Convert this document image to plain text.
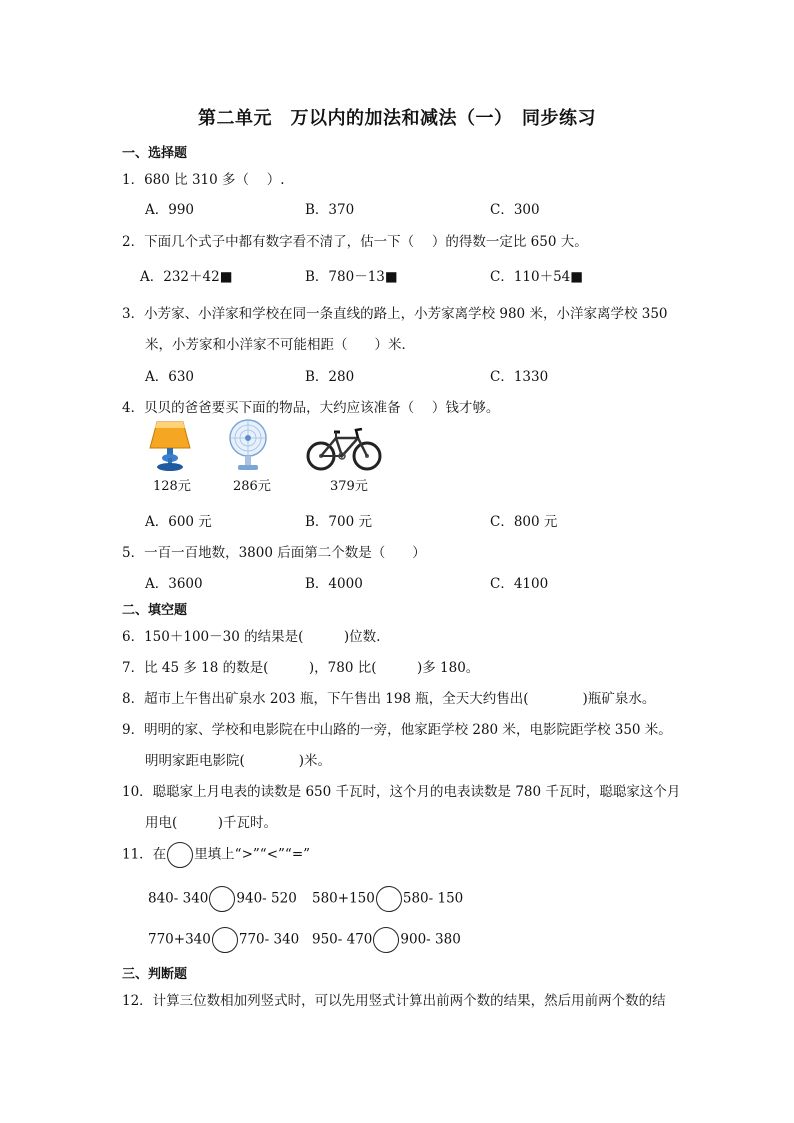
第二单元　万以内的加法和减法（一）　同步练习
一、选择题
1．680 比 310 多（　 ）.
A．990	B．370	C．300
2．下面几个式子中都有数字看不清了，估一下（　 ）的得数一定比 650 大。
A．232＋42■	B．780－13■	C．110＋54■
3．小芳家、小洋家和学校在同一条直线的路上，小芳家离学校 980 米，小洋家离学校 350
米，小芳家和小洋家不可能相距（　　）米．
A．630	B．280	C．1330
4．贝贝的爸爸要买下面的物品，大约应该准备（　 ）钱才够。
128元	286元	379元
A．600 元	B．700 元	C．800 元
5．一百一百地数，3800 后面第二个数是（　　）
A．3600	B．4000	C．4100
二、填空题
6．150＋100－30 的结果是(　　　)位数.
7．比 45 多 18 的数是(　　　)，780 比(　　　)多 180。
8．超市上午售出矿泉水 203 瓶，下午售出 198 瓶，全天大约售出(　　　　)瓶矿泉水。
9．明明的家、学校和电影院在中山路的一旁，他家距学校 280 米，电影院距学校 350 米。
明明家距电影院(　　　　)米。
10．聪聪家上月电表的读数是 650 千瓦时，这个月的电表读数是 780 千瓦时，聪聪家这个月
用电(　　　)千瓦时。
11．在 里填上“>”“<”“=”
840- 340 940- 520 580+150 580- 150
770+340 770- 340 950- 470 900- 380
三、判断题
12．计算三位数相加列竖式时，可以先用竖式计算出前两个数的结果，然后用前两个数的结
